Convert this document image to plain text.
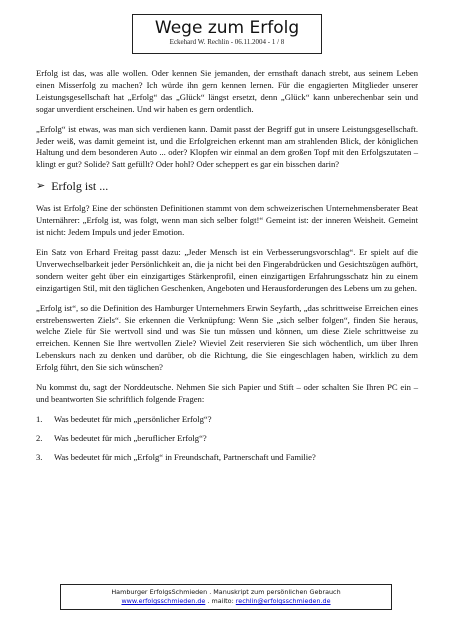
Wege zum Erfolg
Eckehard W. Rechlin - 06.11.2004 - 1 / 8

Erfolg ist das, was alle wollen. Oder kennen Sie jemanden, der ernsthaft danach strebt, aus seinem Leben einen Misserfolg zu machen? Ich würde ihn gern kennen lernen. Für die engagierten Mitglieder unserer Leistungsgesellschaft hat „Erfolg“ das „Glück“ längst ersetzt, denn „Glück“ kann unberechenbar sein und sogar unverdient erscheinen. Und wir haben es gern ordentlich.

„Erfolg“ ist etwas, was man sich verdienen kann. Damit passt der Begriff gut in unsere Leistungsgesellschaft. Jeder weiß, was damit gemeint ist, und die Erfolgreichen erkennt man am strahlenden Blick, der königlichen Haltung und dem besonderen Auto ... oder? Klopfen wir einmal an dem großen Topf mit den Erfolgszutaten – klingt er gut? Solide? Satt gefüllt? Oder hohl? Oder scheppert es gar ein bisschen darin?

➢ Erfolg ist ...

Was ist Erfolg? Eine der schönsten Definitionen stammt von dem schweizerischen Unternehmensberater Beat Unternährer: „Erfolg ist, was folgt, wenn man sich selber folgt!“ Gemeint ist: der inneren Weisheit. Gemeint ist nicht: Jedem Impuls und jeder Emotion.

Ein Satz von Erhard Freitag passt dazu: „Jeder Mensch ist ein Verbesserungsvorschlag“. Er spielt auf die Unverwechselbarkeit jeder Persönlichkeit an, die ja nicht bei den Fingerabdrücken und Gesichtszügen aufhört, sondern weiter geht über ein einzigartiges Stärkenprofil, einen einzigartigen Erfahrungsschatz hin zu einem einzigartigen Stil, mit den täglichen Geschenken, Angeboten und Herausforderungen des Lebens um zu gehen.

„Erfolg ist“, so die Definition des Hamburger Unternehmers Erwin Seyfarth, „das schrittweise Erreichen eines erstrebenswerten Ziels“. Sie erkennen die Verknüpfung: Wenn Sie „sich selber folgen“, finden Sie heraus, welche Ziele für Sie wertvoll sind und was Sie tun müssen und können, um diese Ziele schrittweise zu erreichen. Kennen Sie Ihre wertvollen Ziele? Wieviel Zeit reservieren Sie sich wöchentlich, um über Ihren Lebenskurs nach zu denken und darüber, ob die Richtung, die Sie eingeschlagen haben, wirklich zu dem Erfolg führt, den Sie sich wünschen?

Nu kommst du, sagt der Norddeutsche. Nehmen Sie sich Papier und Stift – oder schalten Sie Ihren PC ein – und beantworten Sie schriftlich folgende Fragen:

1.	Was bedeutet für mich „persönlicher Erfolg“?
2.	Was bedeutet für mich „beruflicher Erfolg“?
3.	Was bedeutet für mich „Erfolg“ in Freundschaft, Partnerschaft und Familie?
Hamburger ErfolgsSchmieden . Manuskript zum persönlichen Gebrauch
www.erfolgsschmieden.de . mailto: rechlin@erfolgsschmieden.de
